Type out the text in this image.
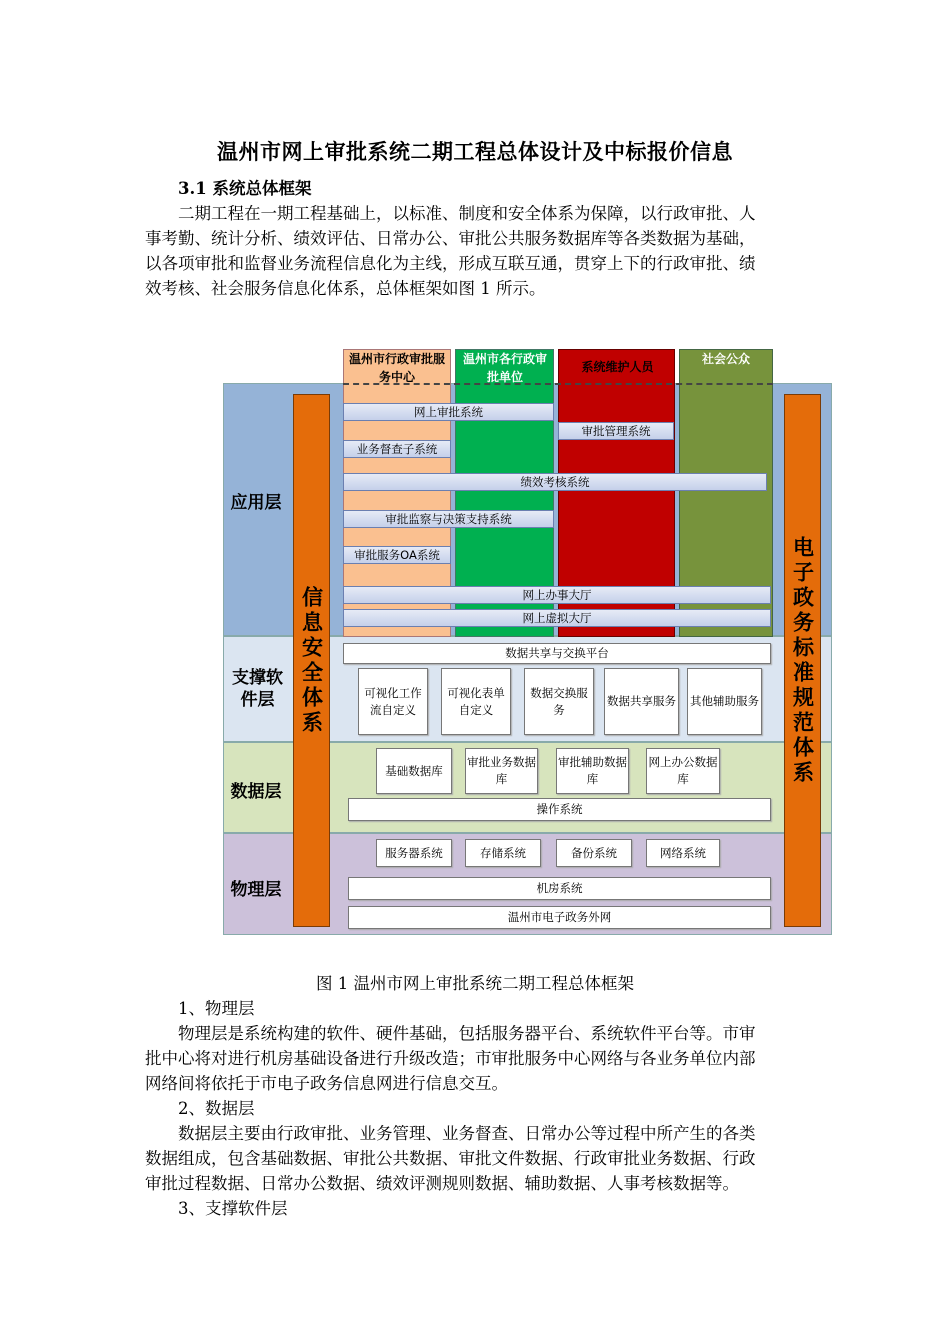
温州市网上审批系统二期工程总体设计及中标报价信息
3.1 系统总体框架
二期工程在一期工程基础上，以标准、制度和安全体系为保障，以行政审批、人
事考勤、统计分析、绩效评估、日常办公、审批公共服务数据库等各类数据为基础，
以各项审批和监督业务流程信息化为主线，形成互联互通，贯穿上下的行政审批、绩
效考核、社会服务信息化体系，总体框架如图 1 所示。
温州市行政审批服务中心
温州市各行政审批单位
系统维护人员
社会公众
信息安全体系	电子政务标准规范体系
应用层
支撑软件层
数据层
物理层
网上审批系统
审批管理系统
业务督查子系统
绩效考核系统
审批监察与决策支持系统
审批服务OA系统
网上办事大厅
网上虚拟大厅
数据共享与交换平台
可视化工作流自定义
可视化表单自定义
数据交换服务
数据共享服务 其他辅助服务
基础数据库
审批业务数据库
审批辅助数据库
网上办公数据库
操作系统
服务器系统	存储系统	备份系统	网络系统
机房系统
温州市电子政务外网
图 1 温州市网上审批系统二期工程总体框架
1、物理层
物理层是系统构建的软件、硬件基础，包括服务器平台、系统软件平台等。市审
批中心将对进行机房基础设备进行升级改造；市审批服务中心网络与各业务单位内部
网络间将依托于市电子政务信息网进行信息交互。
2、数据层
数据层主要由行政审批、业务管理、业务督查、日常办公等过程中所产生的各类
数据组成，包含基础数据、审批公共数据、审批文件数据、行政审批业务数据、行政
审批过程数据、日常办公数据、绩效评测规则数据、辅助数据、人事考核数据等。
3、支撑软件层
